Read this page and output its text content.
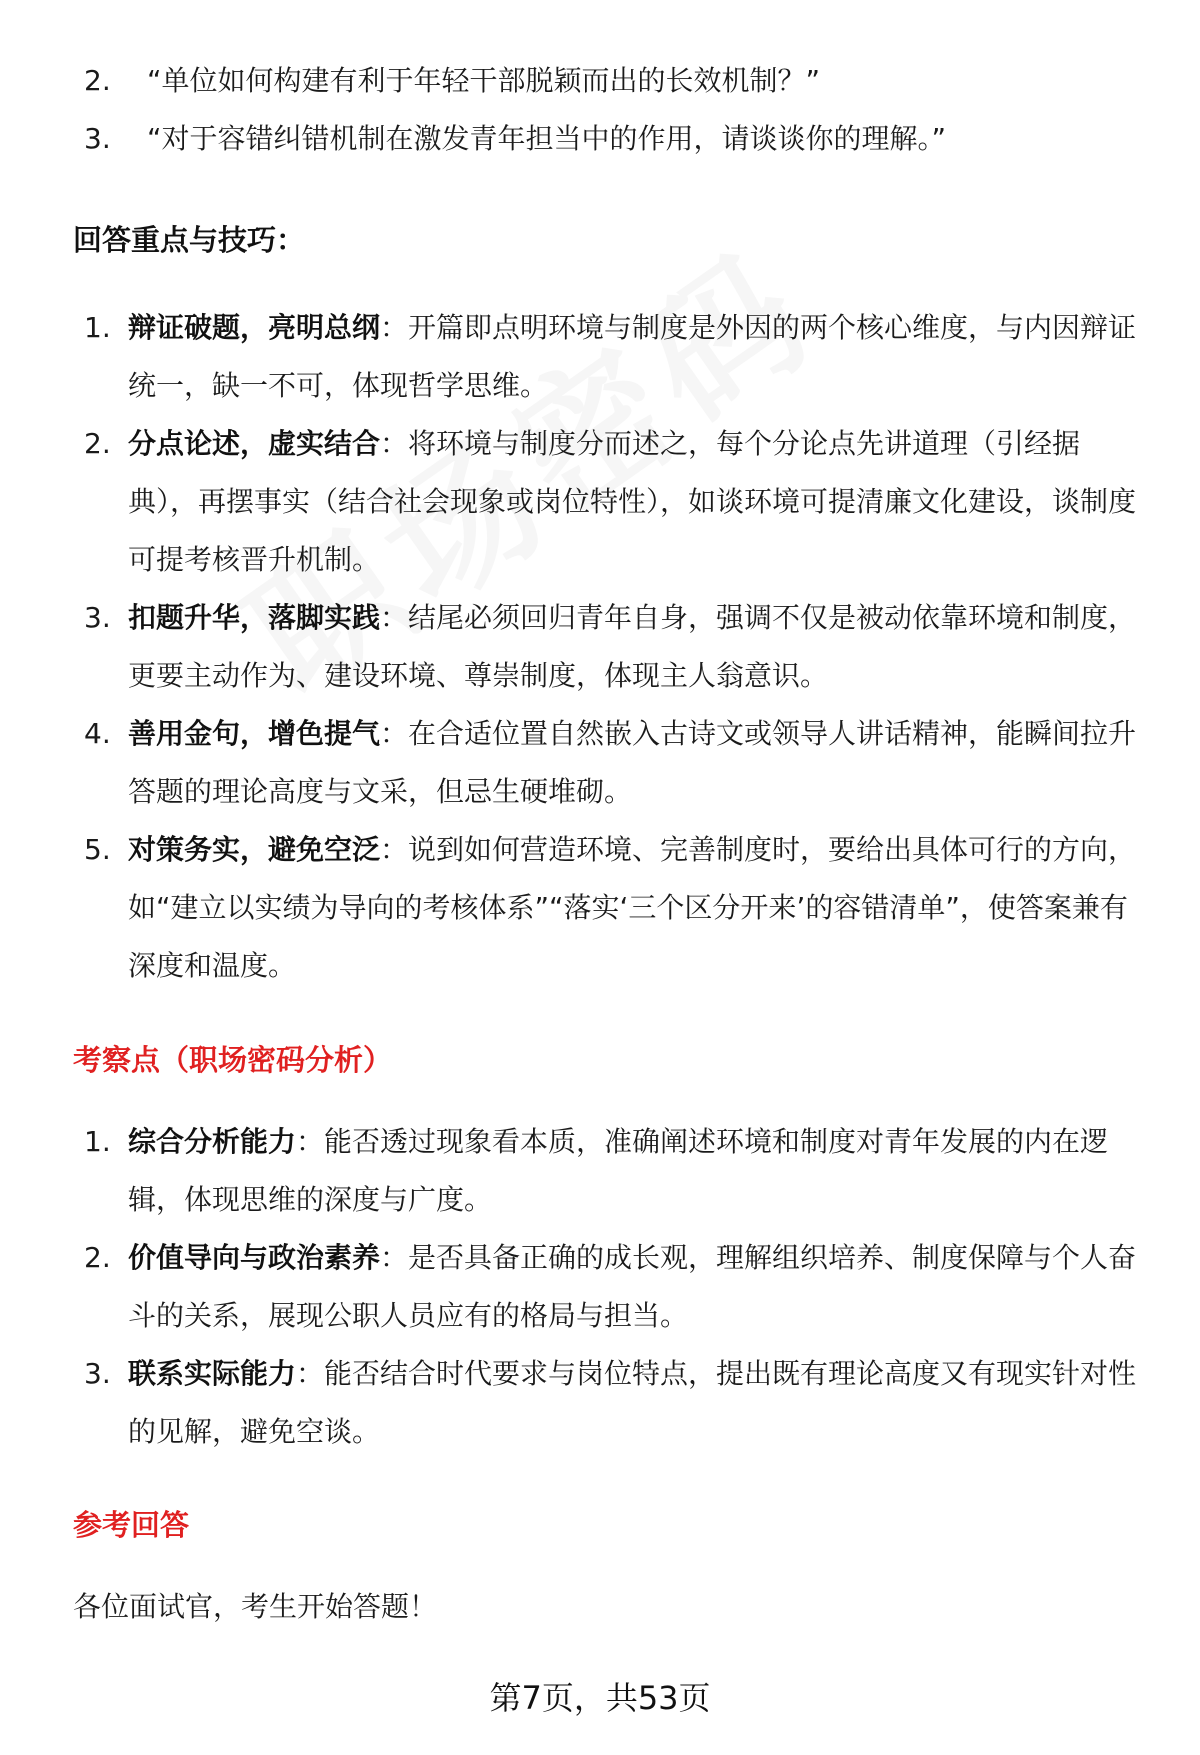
2. “单位如何构建有利于年轻干部脱颖而出的长效机制？”
3. “对于容错纠错机制在激发青年担当中的作用，请谈谈你的理解。”
回答重点与技巧：
1. 辩证破题，亮明总纲：开篇即点明环境与制度是外因的两个核心维度，与内因辩证统一，缺一不可，体现哲学思维。
2. 分点论述，虚实结合：将环境与制度分而述之，每个分论点先讲道理（引经据典），再摆事实（结合社会现象或岗位特性），如谈环境可提清廉文化建设，谈制度可提考核晋升机制。
3. 扣题升华，落脚实践：结尾必须回归青年自身，强调不仅是被动依靠环境和制度，更要主动作为、建设环境、尊崇制度，体现主人翁意识。
4. 善用金句，增色提气：在合适位置自然嵌入古诗文或领导人讲话精神，能瞬间拉升答题的理论高度与文采，但忌生硬堆砌。
5. 对策务实，避免空泛：说到如何营造环境、完善制度时，要给出具体可行的方向，如“建立以实绩为导向的考核体系”“落实‘三个区分开来’的容错清单”，使答案兼有深度和温度。
考察点（职场密码分析）
1. 综合分析能力：能否透过现象看本质，准确阐述环境和制度对青年发展的内在逻辑，体现思维的深度与广度。
2. 价值导向与政治素养：是否具备正确的成长观，理解组织培养、制度保障与个人奋斗的关系，展现公职人员应有的格局与担当。
3. 联系实际能力：能否结合时代要求与岗位特点，提出既有理论高度又有现实针对性的见解，避免空谈。
参考回答
各位面试官，考生开始答题！
第7页，共53页
